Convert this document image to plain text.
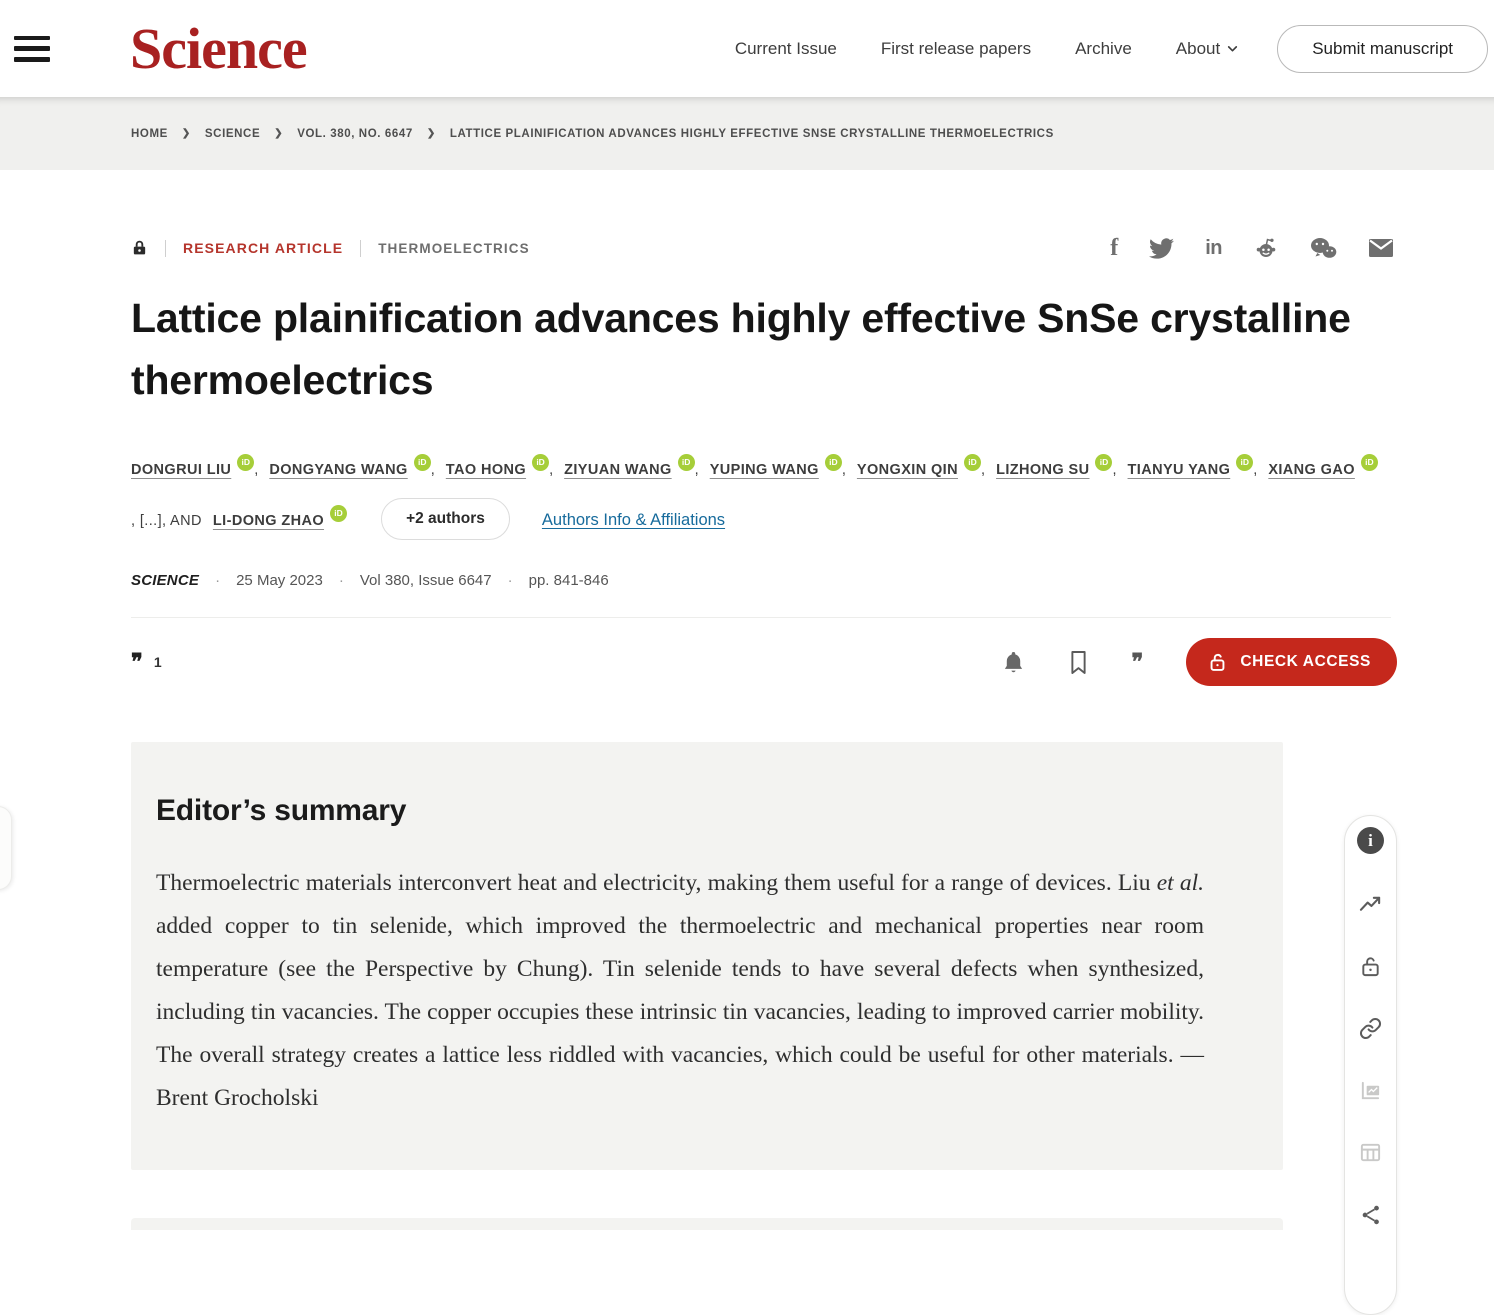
Science	Current Issue	First release papers	Archive	About	Submit manuscript
HOME ❯ SCIENCE ❯ VOL. 380, NO. 6647 ❯ LATTICE PLAINIFICATION ADVANCES HIGHLY EFFECTIVE SNSE CRYSTALLINE THERMOELECTRICS
RESEARCH ARTICLE	THERMOELECTRICS	f	in
Lattice plainification advances highly effective SnSe crystalline thermoelectrics
DONGRUI LIU iD , DONGYANG WANG iD , TAO HONG iD , ZIYUAN WANG iD , YUPING WANG iD , YONGXIN QIN iD , LIZHONG SU iD , TIANYU YANG iD , XIANG GAO iD
, [...], AND LI-DONG ZHAO iD	+2 authors	Authors Info & Affiliations
SCIENCE · 25 May 2023 · Vol 380, Issue 6647 · pp. 841-846
❞ 1	❞	CHECK ACCESS
Editor’s summary

Thermoelectric materials interconvert heat and electricity, making them useful for a range of devices. Liu et al. added copper to tin selenide, which improved the thermoelectric and mechanical properties near room temperature (see the Perspective by Chung). Tin selenide tends to have several defects when synthesized, including tin vacancies. The copper occupies these intrinsic tin vacancies, leading to improved carrier mobility. The overall strategy creates a lattice less riddled with vacancies, which could be useful for other materials. —Brent Grocholski

i
